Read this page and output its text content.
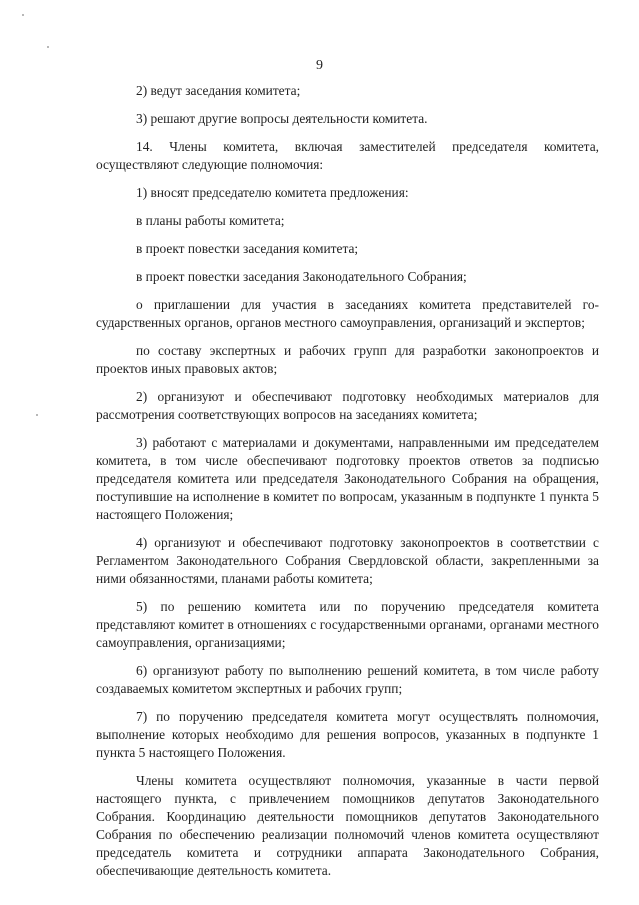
9

2) ведут заседания комитета;

3) решают другие вопросы деятельности комитета.

14. Члены комитета, включая заместителей председателя комитета, осуществляют следующие полномочия:

1) вносят председателю комитета предложения:

в планы работы комитета;

в проект повестки заседания комитета;

в проект повестки заседания Законодательного Собрания;

о приглашении для участия в заседаниях комитета представителей государственных органов, органов местного самоуправления, организаций и экспертов;

по составу экспертных и рабочих групп для разработки законопроектов и проектов иных правовых актов;

2) организуют и обеспечивают подготовку необходимых материалов для рассмотрения соответствующих вопросов на заседаниях комитета;

3) работают с материалами и документами, направленными им председателем комитета, в том числе обеспечивают подготовку проектов ответов за подписью председателя комитета или председателя Законодательного Собрания на обращения, поступившие на исполнение в комитет по вопросам, указанным в подпункте 1 пункта 5 настоящего Положения;

4) организуют и обеспечивают подготовку законопроектов в соответствии с Регламентом Законодательного Собрания Свердловской области, закрепленными за ними обязанностями, планами работы комитета;

5) по решению комитета или по поручению председателя комитета представляют комитет в отношениях с государственными органами, органами местного самоуправления, организациями;

6) организуют работу по выполнению решений комитета, в том числе работу создаваемых комитетом экспертных и рабочих групп;

7) по поручению председателя комитета могут осуществлять полномочия, выполнение которых необходимо для решения вопросов, указанных в подпункте 1 пункта 5 настоящего Положения.

Члены комитета осуществляют полномочия, указанные в части первой настоящего пункта, с привлечением помощников депутатов Законодательного Собрания. Координацию деятельности помощников депутатов Законодательного Собрания по обеспечению реализации полномочий членов комитета осуществляют председатель комитета и сотрудники аппарата Законодательного Собрания, обеспечивающие деятельность комитета.
